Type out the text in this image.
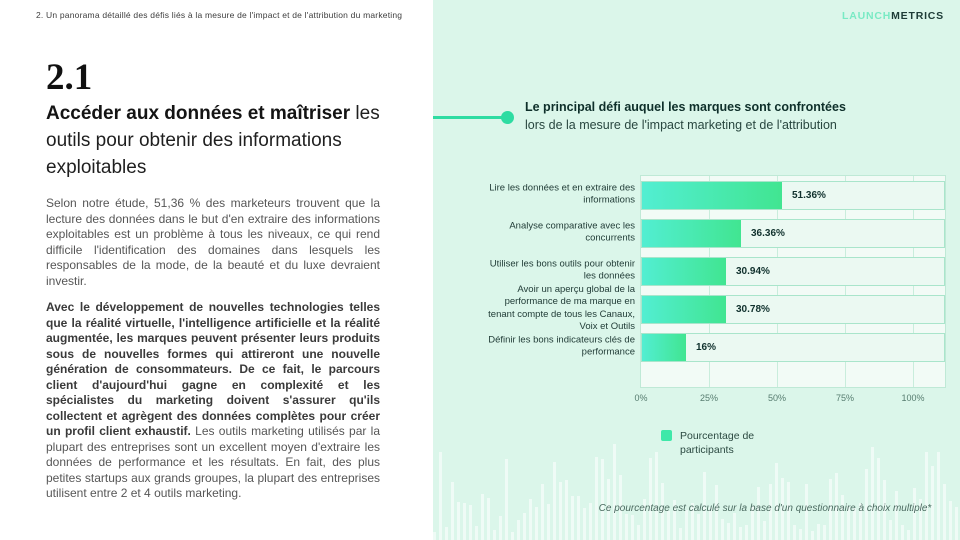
2. Un panorama détaillé des défis liés à la mesure de l'impact et de l'attribution du marketing
2.1
Accéder aux données et maîtriser les outils pour obtenir des informations exploitables
Selon notre étude, 51,36 % des marketeurs trouvent que la lecture des données dans le but d'en extraire des informations exploitables est un problème à tous les niveaux, ce qui rend difficile l'identification des domaines dans lesquels les responsables de la mode, de la beauté et du luxe devraient investir.
Avec le développement de nouvelles technologies telles que la réalité virtuelle, l'intelligence artificielle et la réalité augmentée, les marques peuvent présenter leurs produits sous de nouvelles formes qui attireront une nouvelle génération de consommateurs. De ce fait, le parcours client d'aujourd'hui gagne en complexité et les spécialistes du marketing doivent s'assurer qu'ils collectent et agrègent des données complètes pour créer un profil client exhaustif. Les outils marketing utilisés par la plupart des entreprises sont un excellent moyen d'extraire les données de performance et les résultats. En fait, des plus petites startups aux grands groupes, la plupart des entreprises utilisent entre 2 et 4 outils marketing.
LAUNCHMETRICS
Le principal défi auquel les marques sont confrontées
lors de la mesure de l'impact marketing et de l'attribution
51.36%
36.36%
30.94%
30.78%
16%
0%	25%	50%	75%	100%
Lire les données et en extraire des informations
Analyse comparative avec les concurrents
Utiliser les bons outils pour obtenir les données
Avoir un aperçu global de la performance de ma marque en tenant compte de tous les Canaux, Voix et Outils
Définir les bons indicateurs clés de performance
Pourcentage de participants
Ce pourcentage est calculé sur la base d'un questionnaire à choix multiple*
